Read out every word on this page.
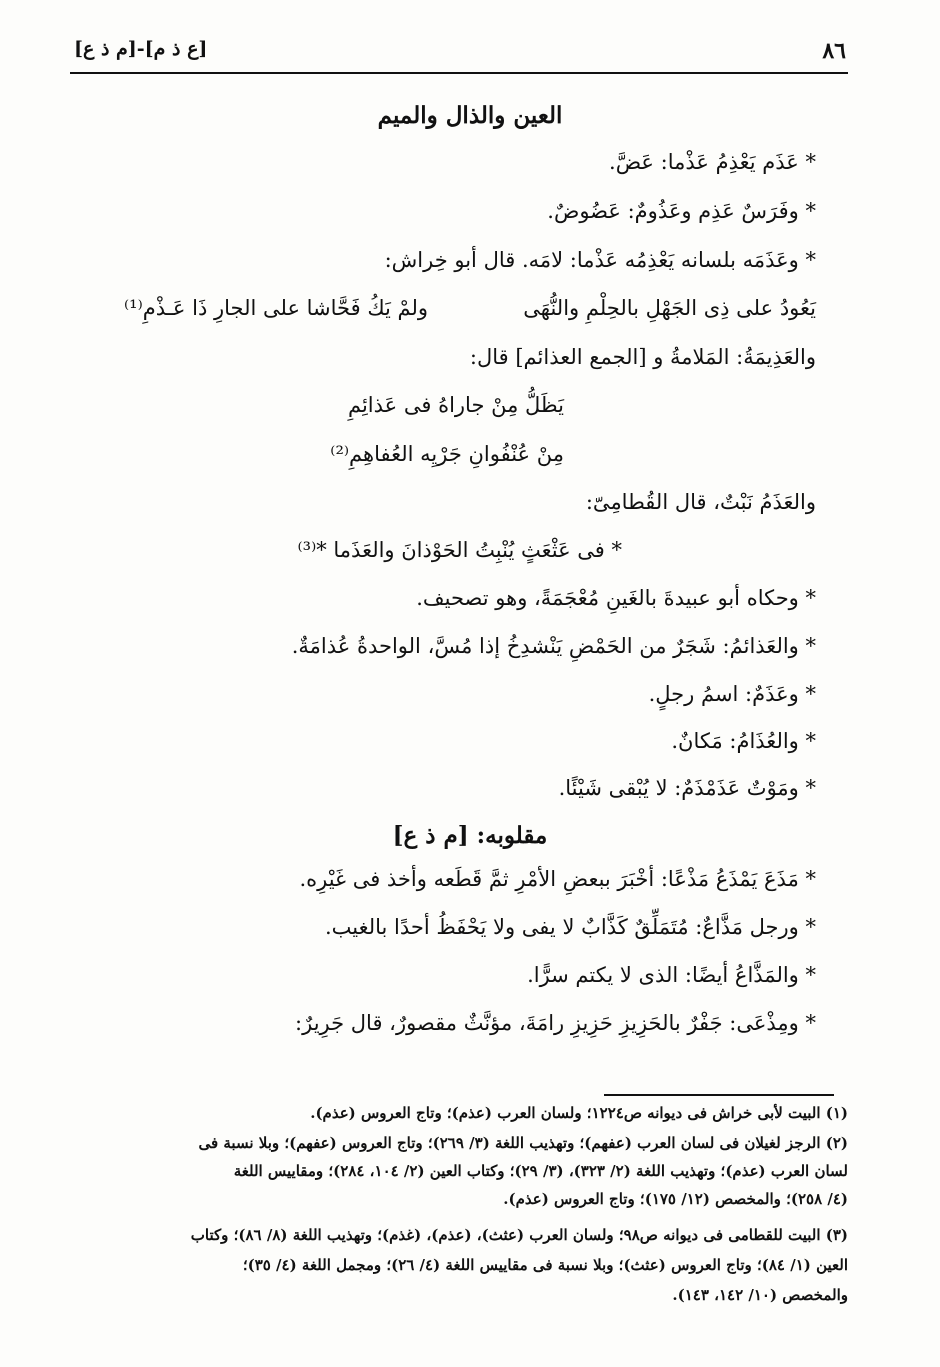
[ع ذ م]-[م ذ ع]	٨٦
العين والذال والميم
* عَذَم يَعْذِمُ عَذْما: عَضَّ.
* وفَرَسٌ عَذِم وعَذُومٌ: عَضُوضٌ.
* وعَذَمَه بلسانه يَعْذِمُه عَذْما: لامَه. قال أبو خِراش:
يَعُودُ على ذِى الجَهْلِ بالحِلْمِ والنُّهَى
ولمْ يَكُ فَحَّاشا على الجارِ ذَا عَـذْمِ⁽¹⁾
والعَذِيمَةُ: المَلامةُ و [الجمع العذائم] قال:
يَظَلُّ مِنْ جاراهُ فى عَذائِمِ
مِنْ عُنْفُوانِ جَرْيِه العُفاهِمِ⁽²⁾
والعَذَمُ نَبْتٌ، قال القُطامِىّ:
* فى عَثْعَثٍ يُنْبِتُ الحَوْذانَ والعَذَما *⁽³⁾
* وحكاه أبو عبيدةَ بالغَينِ مُعْجَمَةً، وهو تصحيف.
* والعَذائمُ: شَجَرٌ من الحَمْضِ يَنْشدِخُ إذا مُسَّ، الواحدةُ عُذامَةٌ.
* وعَذَمٌ: اسمُ رجلٍ.
* والعُذَامُ: مَكانٌ.
* ومَوْتٌ عَذَمْذَمٌ: لا يُبْقى شَيْئًا.
مقلوبه: [م ذ ع]
* مَذَعَ يَمْذَعُ مَذْعًا: أخْبَرَ ببعضِ الأمْرِ ثمَّ قَطَعه وأخذ فى غَيْرِه.
* ورجل مَذَّاعٌ: مُتَمَلِّقٌ كَذَّابٌ لا يفى ولا يَحْفَظُ أحدًا بالغيب.
* والمَذَّاعُ أيضًا: الذى لا يكتم سرًّا.
* ومِذْعَى: جَفْرٌ بالحَزِيزِ حَزِيزِ رامَةَ، مؤنَّثٌ مقصورٌ، قال جَرِيرٌ:
(١) البيت لأبى خراش فى ديوانه ص١٢٢٤؛ ولسان العرب (عذم)؛ وتاج العروس (عذم).
(٢) الرجز لغيلان فى لسان العرب (عفهم)؛ وتهذيب اللغة (٣/ ٢٦٩)؛ وتاج العروس (عفهم)؛ وبلا نسبة فى
لسان العرب (عذم)؛ وتهذيب اللغة (٢/ ٣٢٣)، (٣/ ٢٩)؛ وكتاب العين (٢/ ١٠٤، ٢٨٤)؛ ومقاييس اللغة
(٤/ ٢٥٨)؛ والمخصص (١٢/ ١٧٥)؛ وتاج العروس (عذم).
(٣) البيت للقطامى فى ديوانه ص٩٨؛ ولسان العرب (عثث)، (عذم)، (غذم)؛ وتهذيب اللغة (٨/ ٨٦)؛ وكتاب
العين (١/ ٨٤)؛ وتاج العروس (عثث)؛ وبلا نسبة فى مقاييس اللغة (٤/ ٢٦)؛ ومجمل اللغة (٤/ ٣٥)؛
والمخصص (١٠/ ١٤٢، ١٤٣).
